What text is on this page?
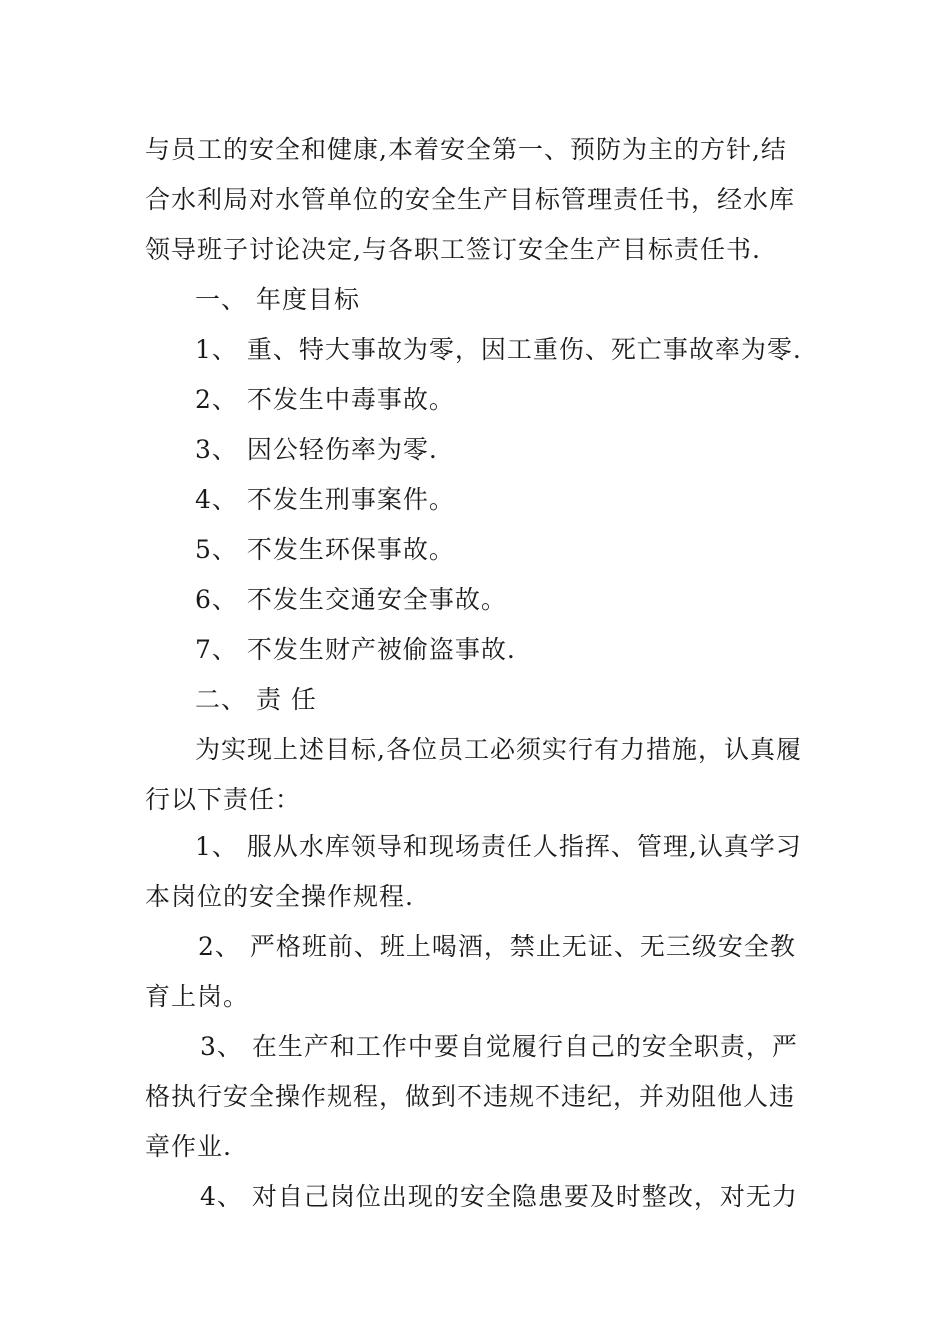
与员工的安全和健康,本着安全第一、预防为主的方针,结
合水利局对水管单位的安全生产目标管理责任书，经水库
领导班子讨论决定,与各职工签订安全生产目标责任书.
一、 年度目标
1、 重、特大事故为零，因工重伤、死亡事故率为零.
2、 不发生中毒事故。
3、 因公轻伤率为零.
4、 不发生刑事案件。
5、 不发生环保事故。
6、 不发生交通安全事故。
7、 不发生财产被偷盗事故.
二、 责 任
为实现上述目标,各位员工必须实行有力措施，认真履
行以下责任：
1、 服从水库领导和现场责任人指挥、管理,认真学习
本岗位的安全操作规程.
2、 严格班前、班上喝酒，禁止无证、无三级安全教
育上岗。
3、 在生产和工作中要自觉履行自己的安全职责，严
格执行安全操作规程，做到不违规不违纪，并劝阻他人违
章作业.
4、 对自己岗位出现的安全隐患要及时整改，对无力
